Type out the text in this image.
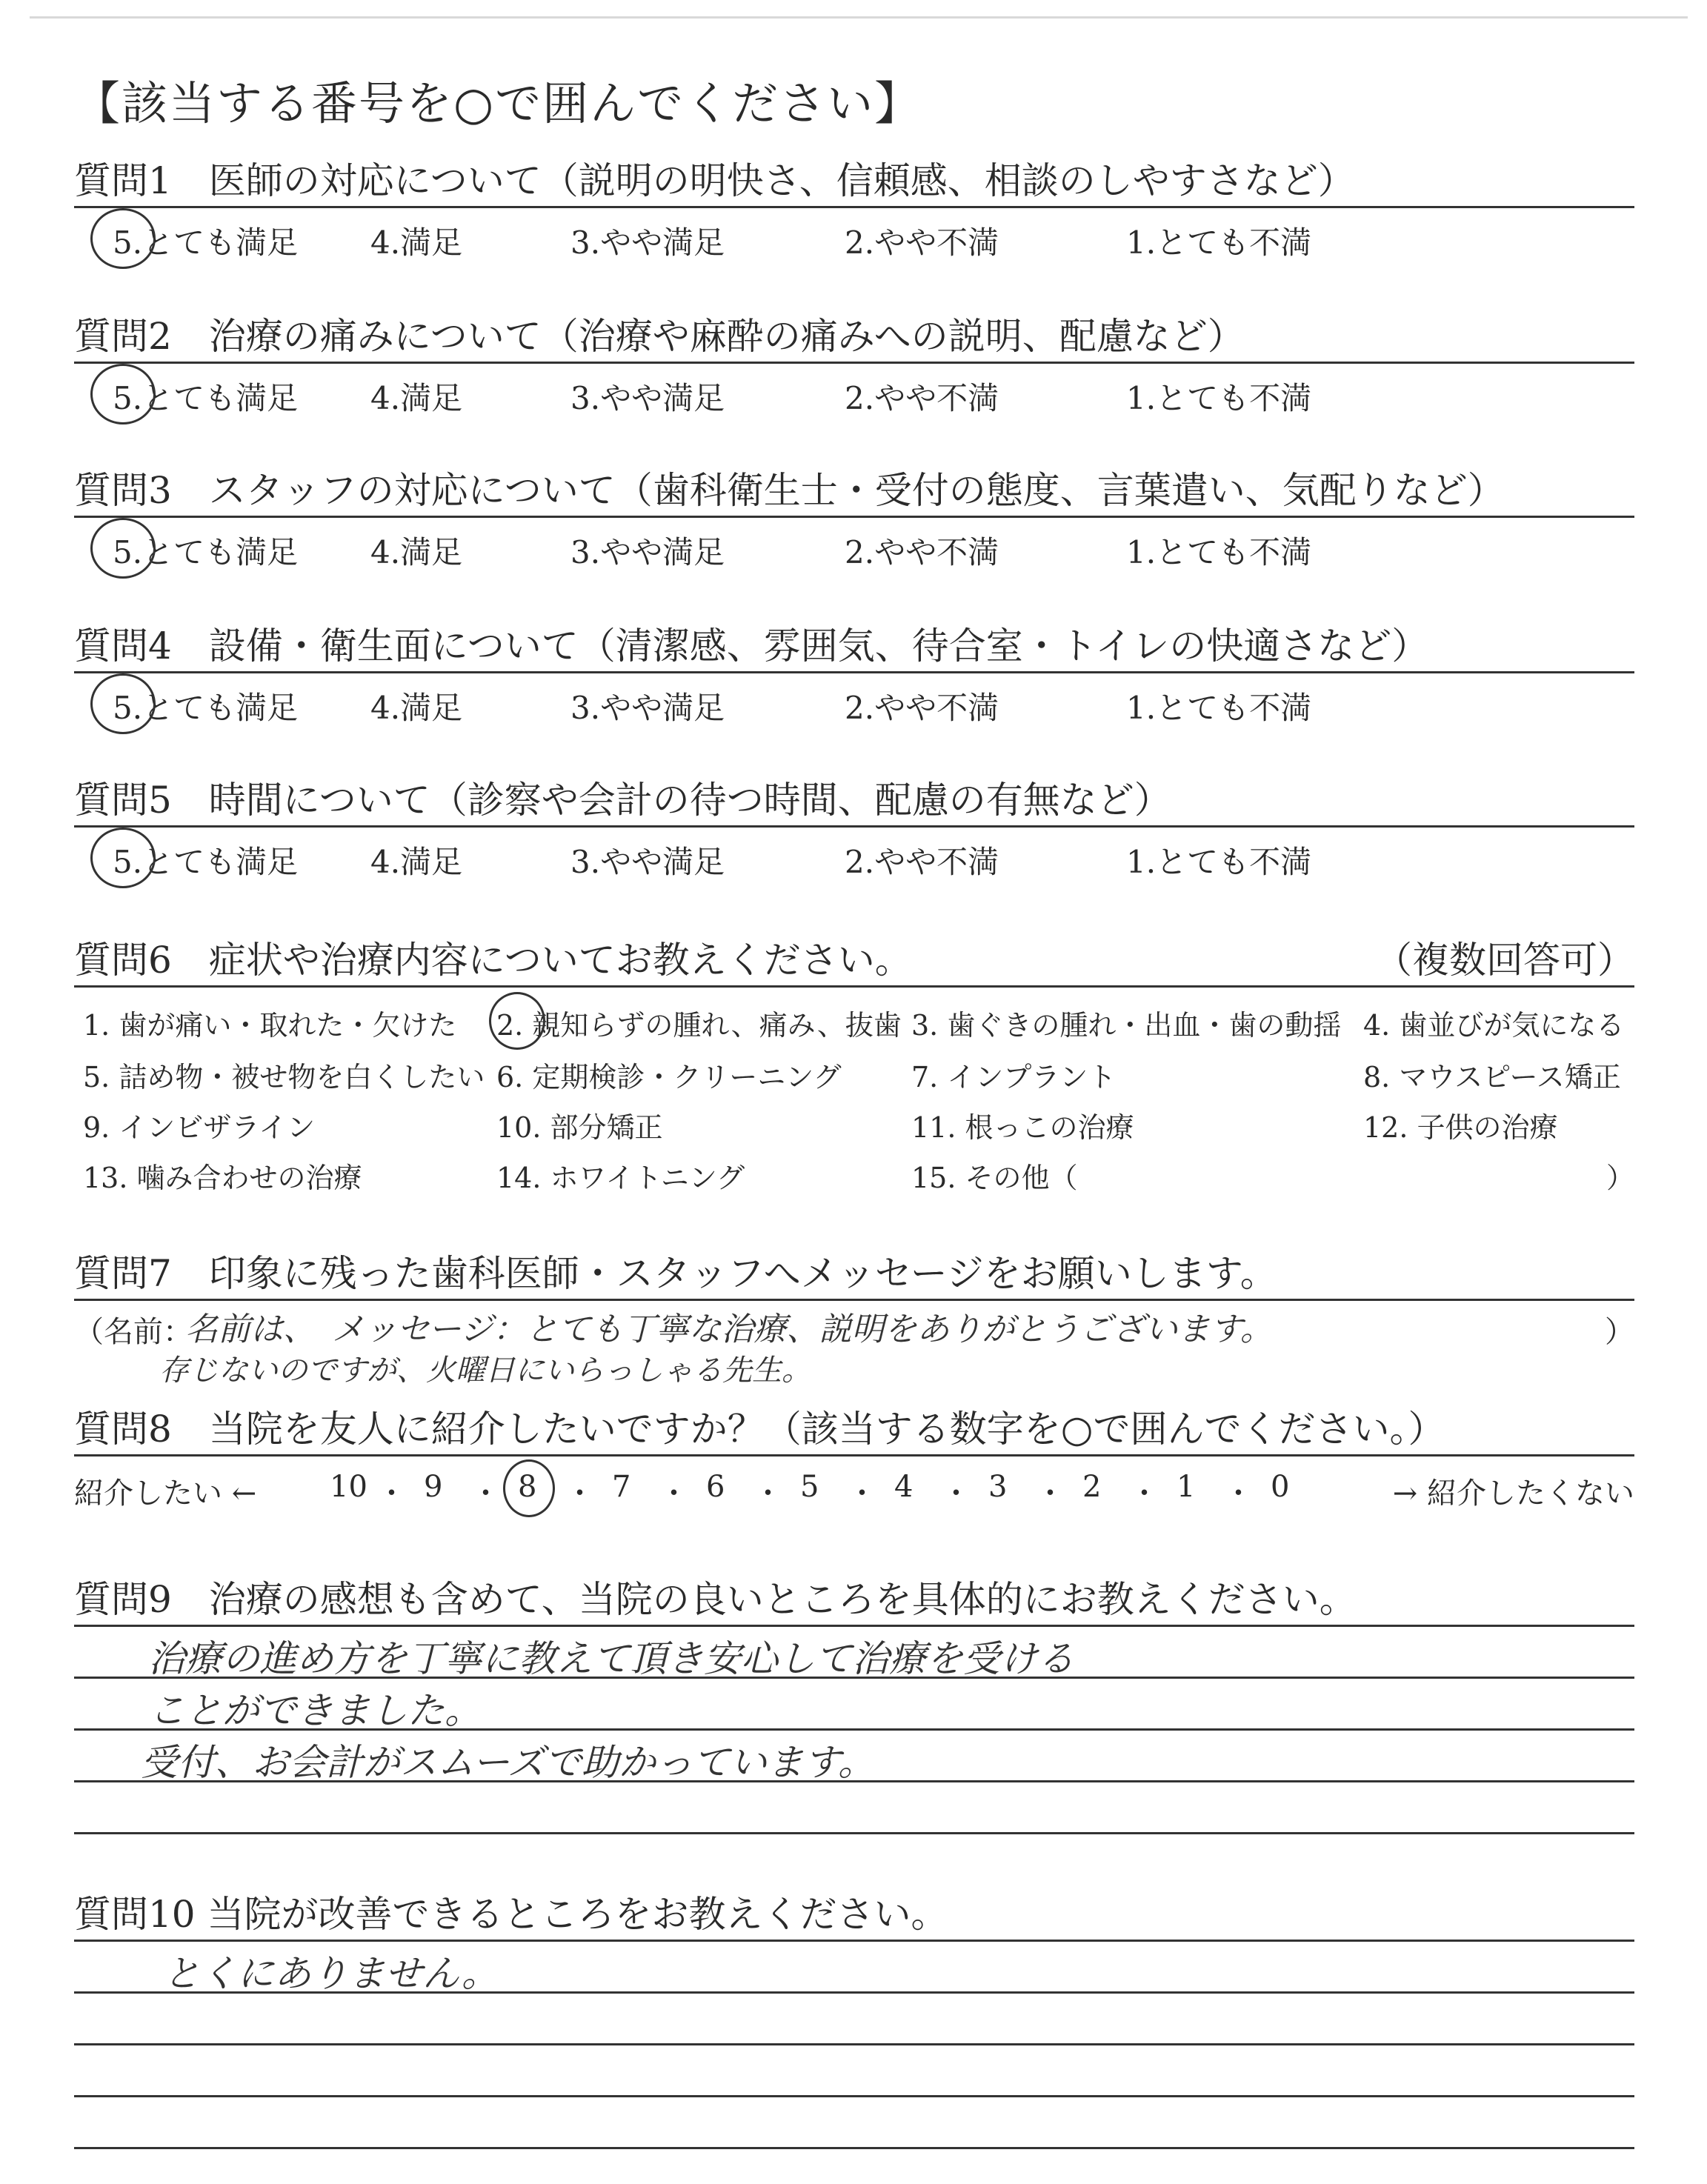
【該当する番号を○で囲んでください】
質問1　医師の対応について（説明の明快さ、信頼感、相談のしやすさなど）
5.とても満足 4.満足	3.やや満足	2.やや不満	1.とても不満
質問2　治療の痛みについて（治療や麻酔の痛みへの説明、配慮など）
5.とても満足 4.満足	3.やや満足	2.やや不満	1.とても不満
質問3　スタッフの対応について（歯科衛生士・受付の態度、言葉遣い、気配りなど）
5.とても満足 4.満足	3.やや満足	2.やや不満	1.とても不満
質問4　設備・衛生面について（清潔感、雰囲気、待合室・トイレの快適さなど）
5.とても満足 4.満足	3.やや満足	2.やや不満	1.とても不満
質問5　時間について（診察や会計の待つ時間、配慮の有無など）
5.とても満足 4.満足	3.やや満足	2.やや不満	1.とても不満
質問6　症状や治療内容についてお教えください。	（複数回答可）
1. 歯が痛い・取れた・欠けた 2. 親知らずの腫れ、痛み、抜歯 3. 歯ぐきの腫れ・出血・歯の動揺 4. 歯並びが気になる
5. 詰め物・被せ物を白くしたい 6. 定期検診・クリーニング 7. インプラント	8. マウスピース矯正
9. インビザライン	10. 部分矯正	11. 根っこの治療	12. 子供の治療
13. 噛み合わせの治療	14. ホワイトニング	15. その他（	）
質問7　印象に残った歯科医師・スタッフへメッセージをお願いします。
（名前：
名前は、　メッセージ：とても丁寧な治療、説明をありがとうございます。	）
存じないのですが、火曜日にいらっしゃる先生。
質問8　当院を友人に紹介したいですか？（該当する数字を○で囲んでください。）
紹介したい ←	→ 紹介したくない
10 ・ 9 ・ 8 ・ 7 ・ 6 ・ 5 ・ 4 ・ 3 ・ 2 ・ 1 ・ 0
質問9　治療の感想も含めて、当院の良いところを具体的にお教えください。
治療の進め方を丁寧に教えて頂き安心して治療を受ける
ことができました。
受付、お会計がスムーズで助かっています。
質問10 当院が改善できるところをお教えください。
とくにありません。
